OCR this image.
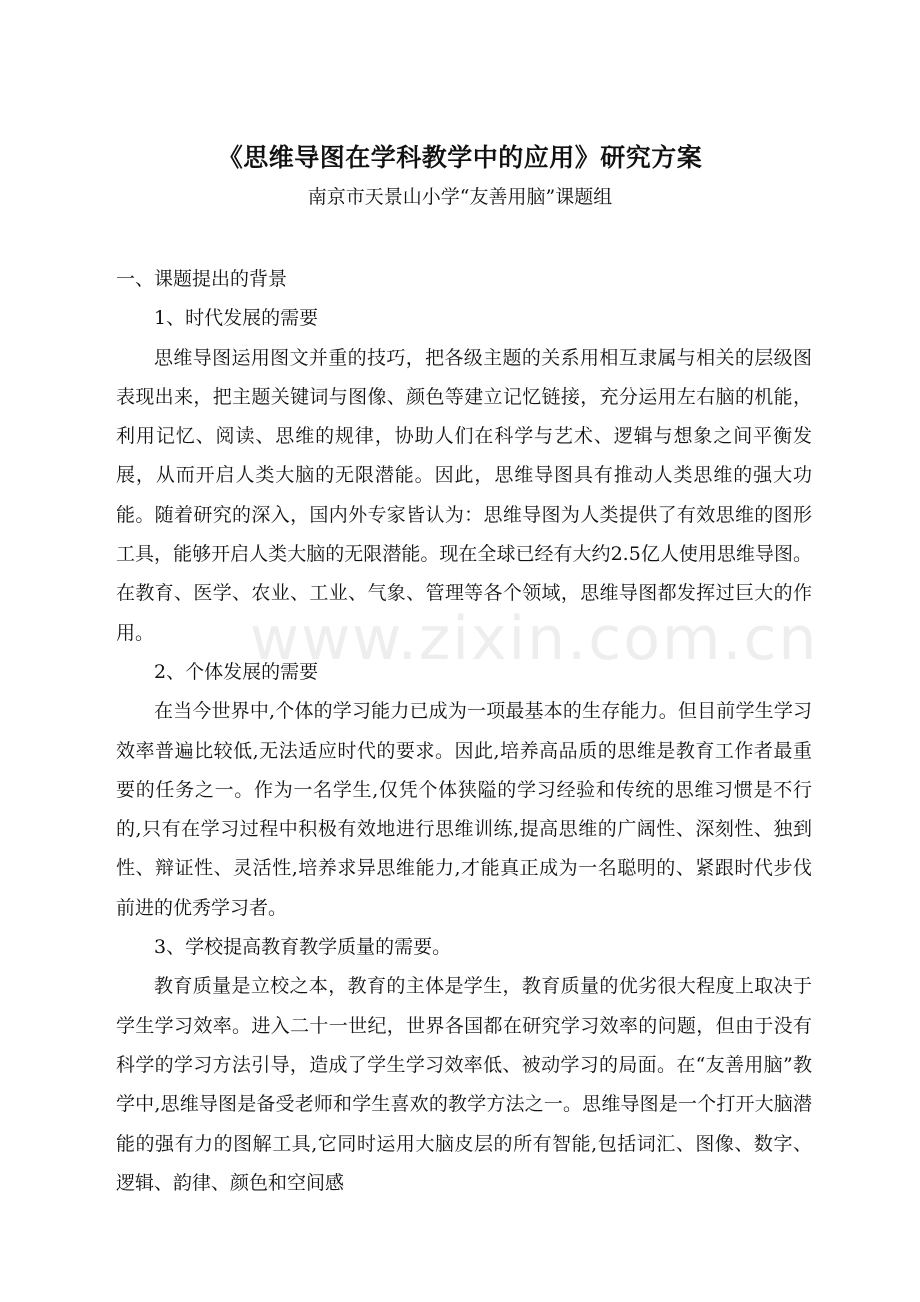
www.zixin.com.cn
《思维导图在学科教学中的应用》研究方案
南京市天景山小学“友善用脑”课题组

一、课题提出的背景

1、时代发展的需要

思维导图运用图文并重的技巧，把各级主题的关系用相互隶属与相关的层级图表现出来，把主题关键词与图像、颜色等建立记忆链接，充分运用左右脑的机能，利用记忆、阅读、思维的规律，协助人们在科学与艺术、逻辑与想象之间平衡发展，从而开启人类大脑的无限潜能。因此，思维导图具有推动人类思维的强大功能。随着研究的深入，国内外专家皆认为：思维导图为人类提供了有效思维的图形工具，能够开启人类大脑的无限潜能。现在全球已经有大约2.5亿人使用思维导图。在教育、医学、农业、工业、气象、管理等各个领域，思维导图都发挥过巨大的作用。

2、个体发展的需要

在当今世界中,个体的学习能力已成为一项最基本的生存能力。但目前学生学习效率普遍比较低,无法适应时代的要求。因此,培养高品质的思维是教育工作者最重要的任务之一。作为一名学生,仅凭个体狭隘的学习经验和传统的思维习惯是不行的,只有在学习过程中积极有效地进行思维训练,提高思维的广阔性、深刻性、独到性、辩证性、灵活性,培养求异思维能力,才能真正成为一名聪明的、紧跟时代步伐前进的优秀学习者。

3、学校提高教育教学质量的需要。

教育质量是立校之本，教育的主体是学生，教育质量的优劣很大程度上取决于学生学习效率。进入二十一世纪，世界各国都在研究学习效率的问题，但由于没有科学的学习方法引导，造成了学生学习效率低、被动学习的局面。在“友善用脑”教学中,思维导图是备受老师和学生喜欢的教学方法之一。思维导图是一个打开大脑潜能的强有力的图解工具,它同时运用大脑皮层的所有智能,包括词汇、图像、数字、逻辑、韵律、颜色和空间感
